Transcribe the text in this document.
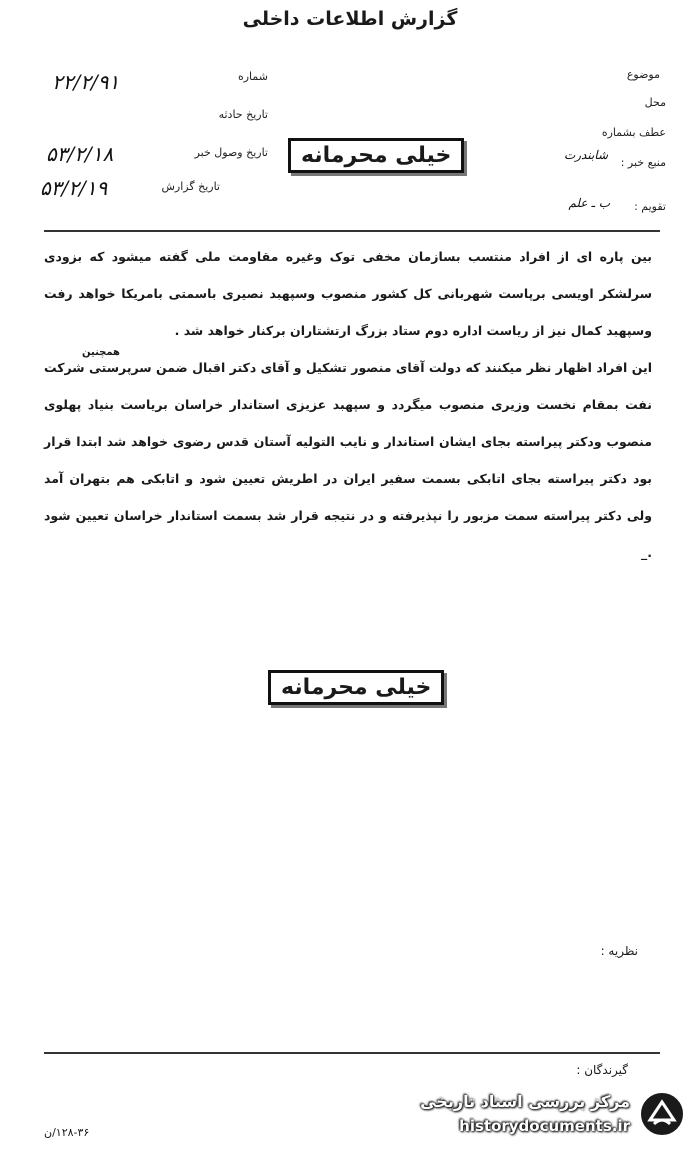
گزارش اطلاعات داخلی
موضوع
محل
عطف بشماره
منبع خبر :
شابندرت
تقویم :
ب ـ علم
شماره
۲۲/۲/۹۱
تاریخ حادثه
تاریخ وصول خبر
۵۳/۲/۱۸
تاریخ گزارش
۵۳/۲/۱۹
خیلی محرمانه

بین پاره ای از افراد منتسب بسازمان مخفی توک وغیره مقاومت ملی گفته میشود که بزودی سرلشکر اویسی برپاست شهربانی کل کشور منصوب وسپهبد نصیری باسمتی بامریکا خواهد رفت وسپهبد کمال نیز از ریاست اداره دوم ستاد بزرگ ارتشتاران برکنار خواهد شد .

این افراد اظهار نظر میکنند که دولت آقای منصور تشکیل و آقای دکتر اقبال ضمن سرپرستی شرکت نفت بمقام نخست وزیری منصوب میگردد و سپهبد عزیزی استاندار خراسان بریاست بنیاد پهلوی منصوب ودکتر پیراسته بجای ایشان استاندار و نایب التولیه آستان قدس رضوی خواهد شد ابتدا قرار بود دکتر پیراسته بجای اتابکی بسمت سفیر ایران در اطریش تعیین شود و اتابکی هم بتهران آمد ولی دکتر پیراسته سمت مزبور را نپذیرفته و در نتیجه قرار شد بسمت استاندار خراسان تعیین شود ._

همچنین
خیلی محرمانه
نظریه :
گیرندگان :
۱۲۸-۳۶/ن
مرکز بررسی اسناد تاریخی
historydocuments.ir
